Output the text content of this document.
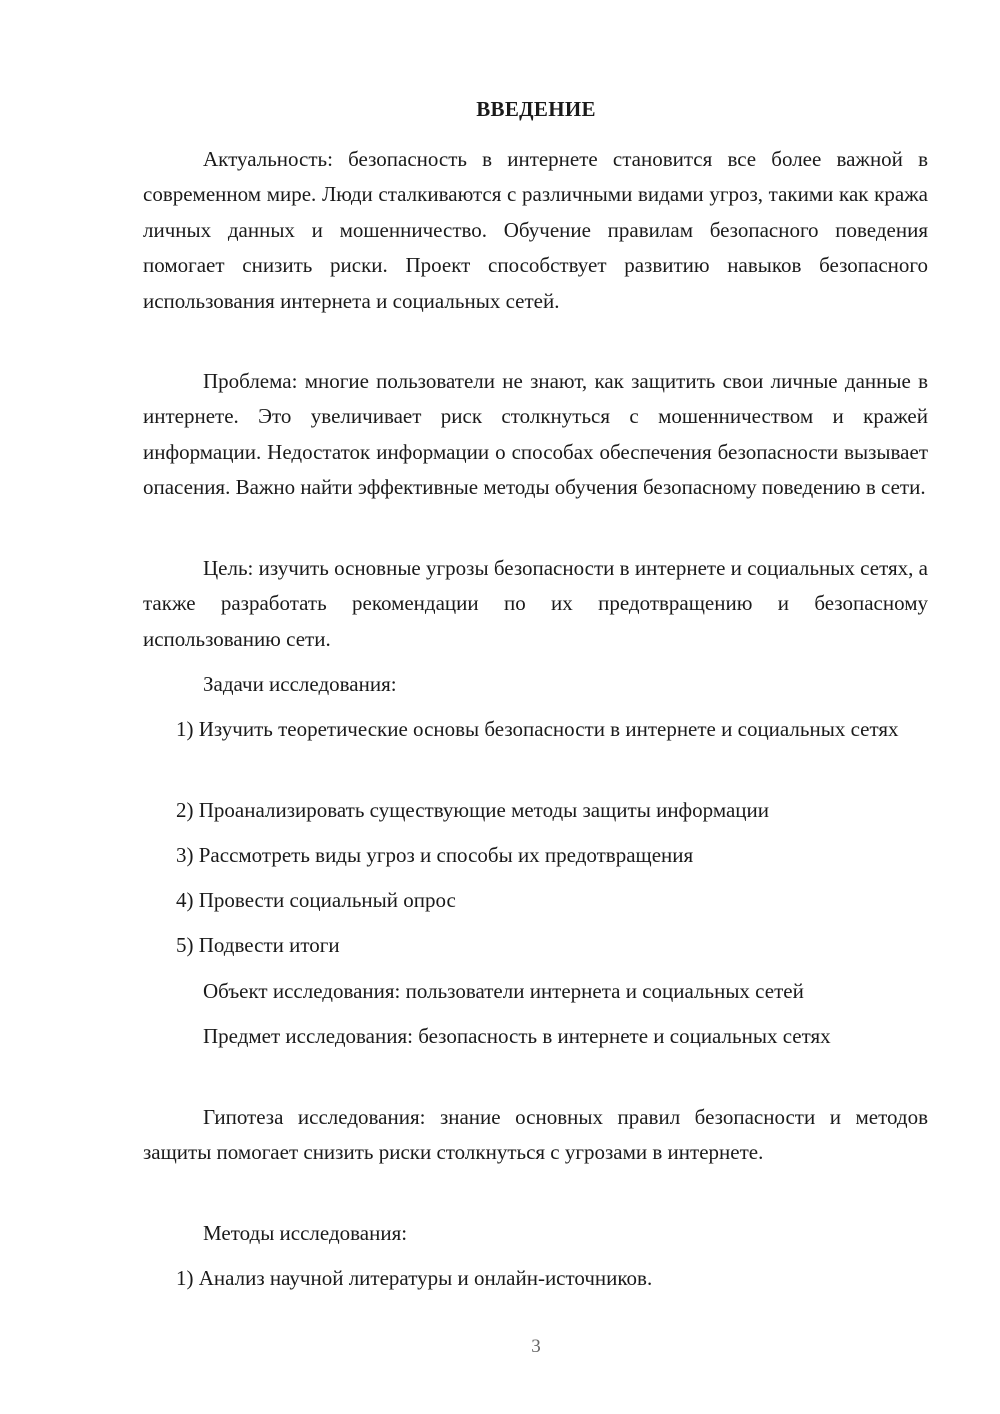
ВВЕДЕНИЕ
Актуальность: безопасность в интернете становится все более важной в современном мире. Люди сталкиваются с различными видами угроз, такими как кража личных данных и мошенничество. Обучение правилам безопасного поведения помогает снизить риски. Проект способствует развитию навыков безопасного использования интернета и социальных сетей.
Проблема: многие пользователи не знают, как защитить свои личные данные в интернете. Это увеличивает риск столкнуться с мошенничеством и кражей информации. Недостаток информации о способах обеспечения безопасности вызывает опасения. Важно найти эффективные методы обучения безопасному поведению в сети.
Цель: изучить основные угрозы безопасности в интернете и социальных сетях, а также разработать рекомендации по их предотвращению и безопасному использованию сети.
Задачи исследования:
1) Изучить теоретические основы безопасности в интернете и социальных сетях
2) Проанализировать существующие методы защиты информации
3) Рассмотреть виды угроз и способы их предотвращения
4) Провести социальный опрос
5) Подвести итоги
Объект исследования: пользователи интернета и социальных сетей
Предмет исследования: безопасность в интернете и социальных сетях
Гипотеза исследования: знание основных правил безопасности и методов защиты помогает снизить риски столкнуться с угрозами в интернете.
Методы исследования:
1) Анализ научной литературы и онлайн-источников.
3
